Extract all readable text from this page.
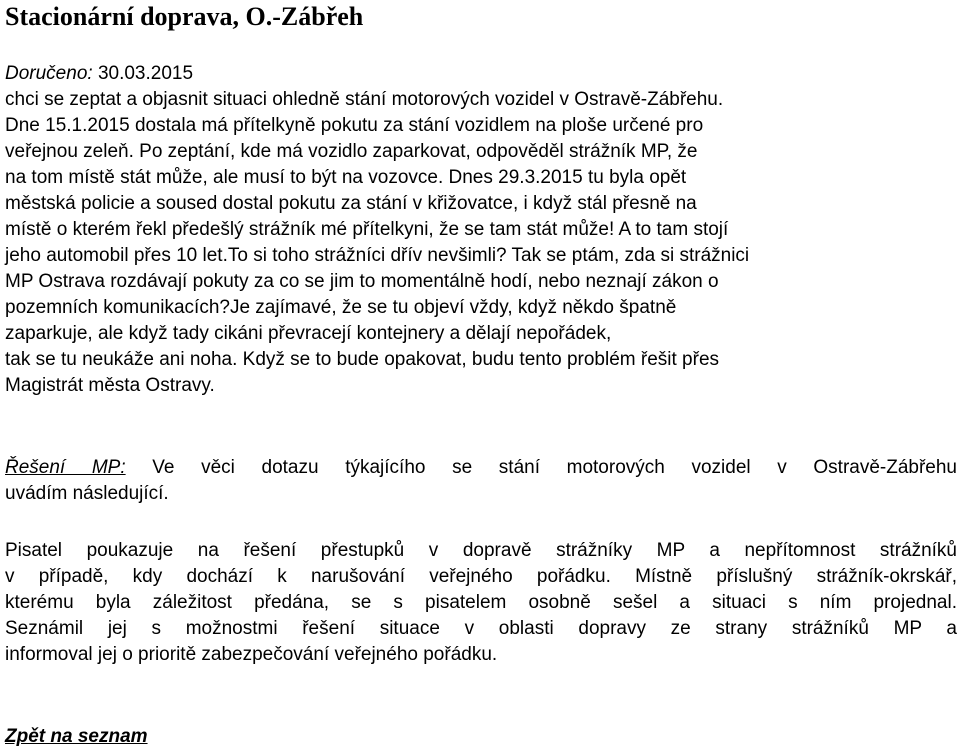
Stacionární doprava, O.-Zábřeh
Doručeno: 30.03.2015
chci se zeptat a objasnit situaci ohledně stání motorových vozidel v Ostravě-Zábřehu.
Dne 15.1.2015 dostala má přítelkyně pokutu za stání vozidlem na ploše určené pro
veřejnou zeleň. Po zeptání, kde má vozidlo zaparkovat, odpověděl strážník MP, že
na tom místě stát může, ale musí to být na vozovce. Dnes 29.3.2015 tu byla opět
městská policie a soused dostal pokutu za stání v křižovatce, i když stál přesně na
místě o kterém řekl předešlý strážník mé přítelkyni, že se tam stát může! A to tam stojí
jeho automobil přes 10 let.To si toho strážníci dřív nevšimli? Tak se ptám, zda si strážnici
MP Ostrava rozdávají pokuty za co se jim to momentálně hodí, nebo neznají zákon o
pozemních komunikacích?Je zajímavé, že se tu objeví vždy, když někdo špatně
zaparkuje, ale když tady cikáni převracejí kontejnery a dělají nepořádek,
tak se tu neukáže ani noha. Když se to bude opakovat, budu tento problém řešit přes
Magistrát města Ostravy.
Řešení MP: Ve věci dotazu týkajícího se stání motorových vozidel v Ostravě-Zábřehu
uvádím následující.
Pisatel poukazuje na řešení přestupků v dopravě strážníky MP a nepřítomnost strážníků
v případě, kdy dochází k narušování veřejného pořádku. Místně příslušný strážník-okrskář,
kterému byla záležitost předána, se s pisatelem osobně sešel a situaci s ním projednal.
Seznámil jej s možnostmi řešení situace v oblasti dopravy ze strany strážníků MP a
informoval jej o prioritě zabezpečování veřejného pořádku.
Zpět na seznam
